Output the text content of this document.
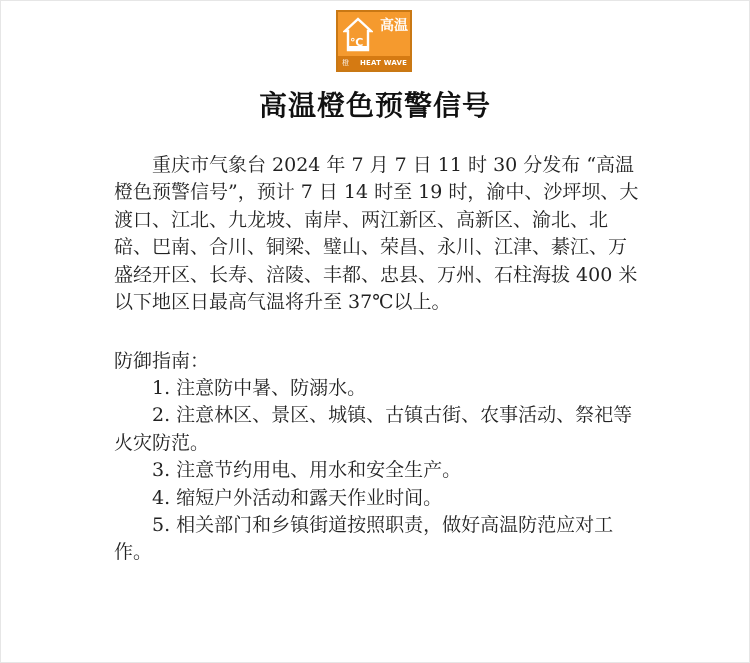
℃
高温
橙 HEAT WAVE
高温橙色预警信号

重庆市气象台 2024 年 7 月 7 日 11 时 30 分发布 “高温橙色预警信号”，预计 7 日 14 时至 19 时，渝中、沙坪坝、大渡口、江北、九龙坡、南岸、两江新区、高新区、渝北、北碚、巴南、合川、铜梁、璧山、荣昌、永川、江津、綦江、万盛经开区、长寿、涪陵、丰都、忠县、万州、石柱海拔 400 米以下地区日最高气温将升至 37℃以上。

防御指南：
1. 注意防中暑、防溺水。
2. 注意林区、景区、城镇、古镇古街、农事活动、祭祀等火灾防范。
3. 注意节约用电、用水和安全生产。
4. 缩短户外活动和露天作业时间。
5. 相关部门和乡镇街道按照职责，做好高温防范应对工作。
